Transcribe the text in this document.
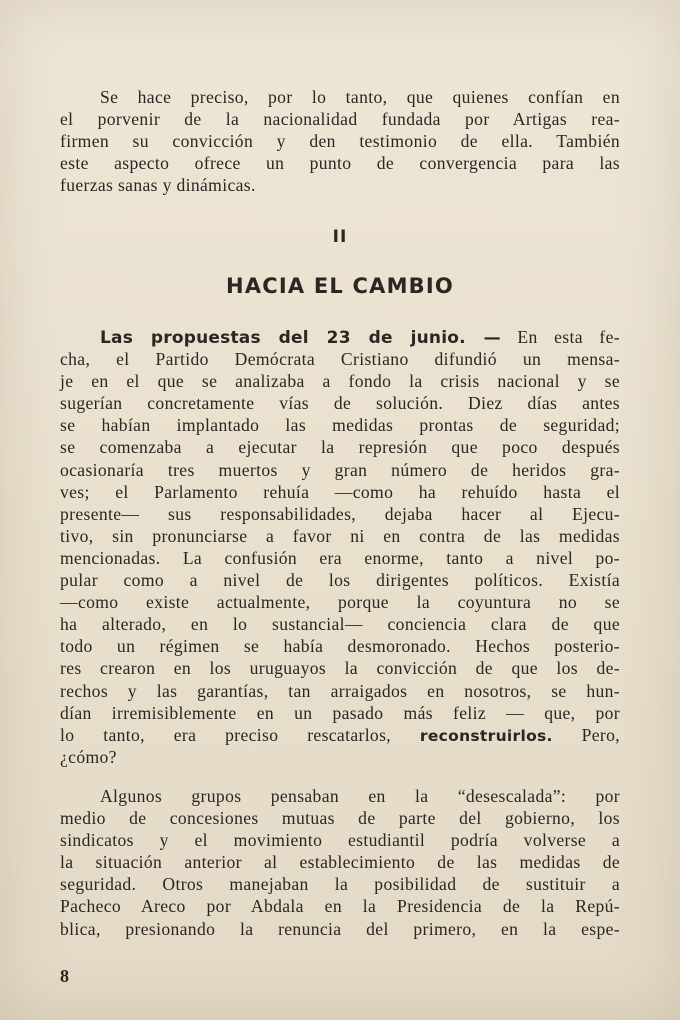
Se hace preciso, por lo tanto, que quienes confían en
el porvenir de la nacionalidad fundada por Artigas rea-
firmen su convicción y den testimonio de ella. También
este aspecto ofrece un punto de convergencia para las
fuerzas sanas y dinámicas.
II
HACIA EL CAMBIO
Las propuestas del 23 de junio. — En esta fe-
cha, el Partido Demócrata Cristiano difundió un mensa-
je en el que se analizaba a fondo la crisis nacional y se
sugerían concretamente vías de solución. Diez días antes
se habían implantado las medidas prontas de seguridad;
se comenzaba a ejecutar la represión que poco después
ocasionaría tres muertos y gran número de heridos gra-
ves; el Parlamento rehuía —como ha rehuído hasta el
presente— sus responsabilidades, dejaba hacer al Ejecu-
tivo, sin pronunciarse a favor ni en contra de las medidas
mencionadas. La confusión era enorme, tanto a nivel po-
pular como a nivel de los dirigentes políticos. Existía
—como existe actualmente, porque la coyuntura no se
ha alterado, en lo sustancial— conciencia clara de que
todo un régimen se había desmoronado. Hechos posterio-
res crearon en los uruguayos la convicción de que los de-
rechos y las garantías, tan arraigados en nosotros, se hun-
dían irremisiblemente en un pasado más feliz — que, por
lo tanto, era preciso rescatarlos, reconstruirlos. Pero,
¿cómo?
Algunos grupos pensaban en la “desescalada”: por
medio de concesiones mutuas de parte del gobierno, los
sindicatos y el movimiento estudiantil podría volverse a
la situación anterior al establecimiento de las medidas de
seguridad. Otros manejaban la posibilidad de sustituir a
Pacheco Areco por Abdala en la Presidencia de la Repú-
blica, presionando la renuncia del primero, en la espe-
8
